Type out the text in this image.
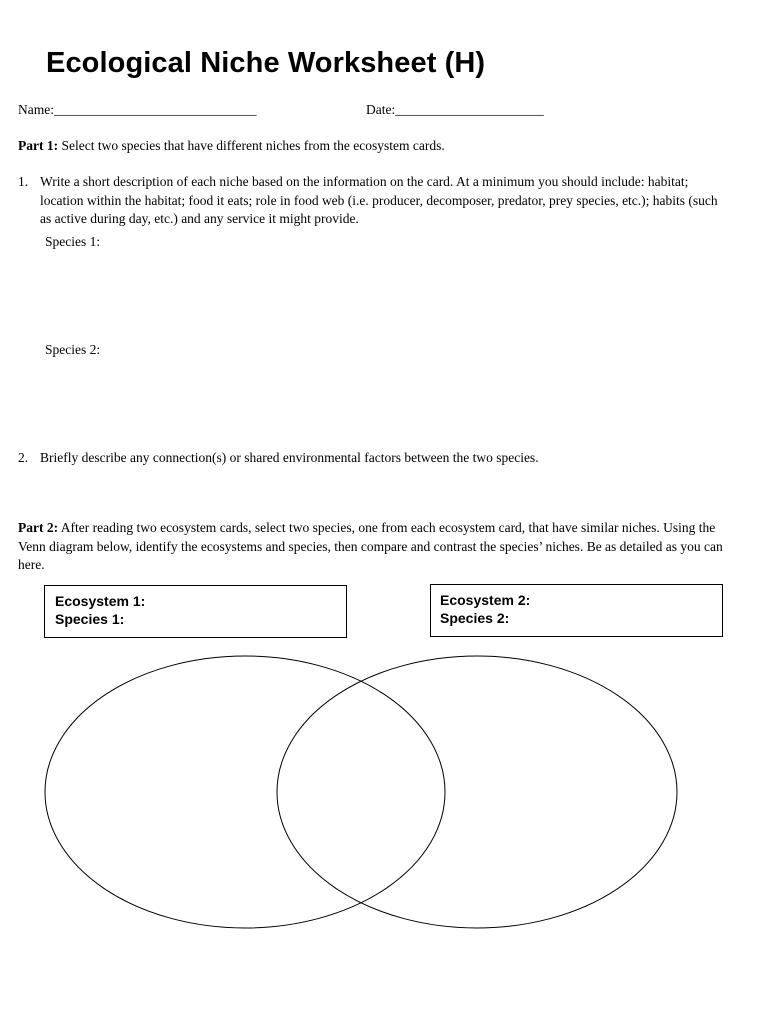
Ecological Niche Worksheet (H)
Name:______________________________	Date:______________________
Part 1: Select two species that have different niches from the ecosystem cards.
1. Write a short description of each niche based on the information on the card. At a minimum you should include: habitat; location within the habitat; food it eats; role in food web (i.e. producer, decomposer, predator, prey species, etc.); habits (such as active during day, etc.) and any service it might provide.
Species 1:
Species 2:
2. Briefly describe any connection(s) or shared environmental factors between the two species.
Part 2: After reading two ecosystem cards, select two species, one from each ecosystem card, that have similar niches. Using the Venn diagram below, identify the ecosystems and species, then compare and contrast the species’ niches. Be as detailed as you can here.
Ecosystem 1:
Species 1:
Ecosystem 2:
Species 2:
